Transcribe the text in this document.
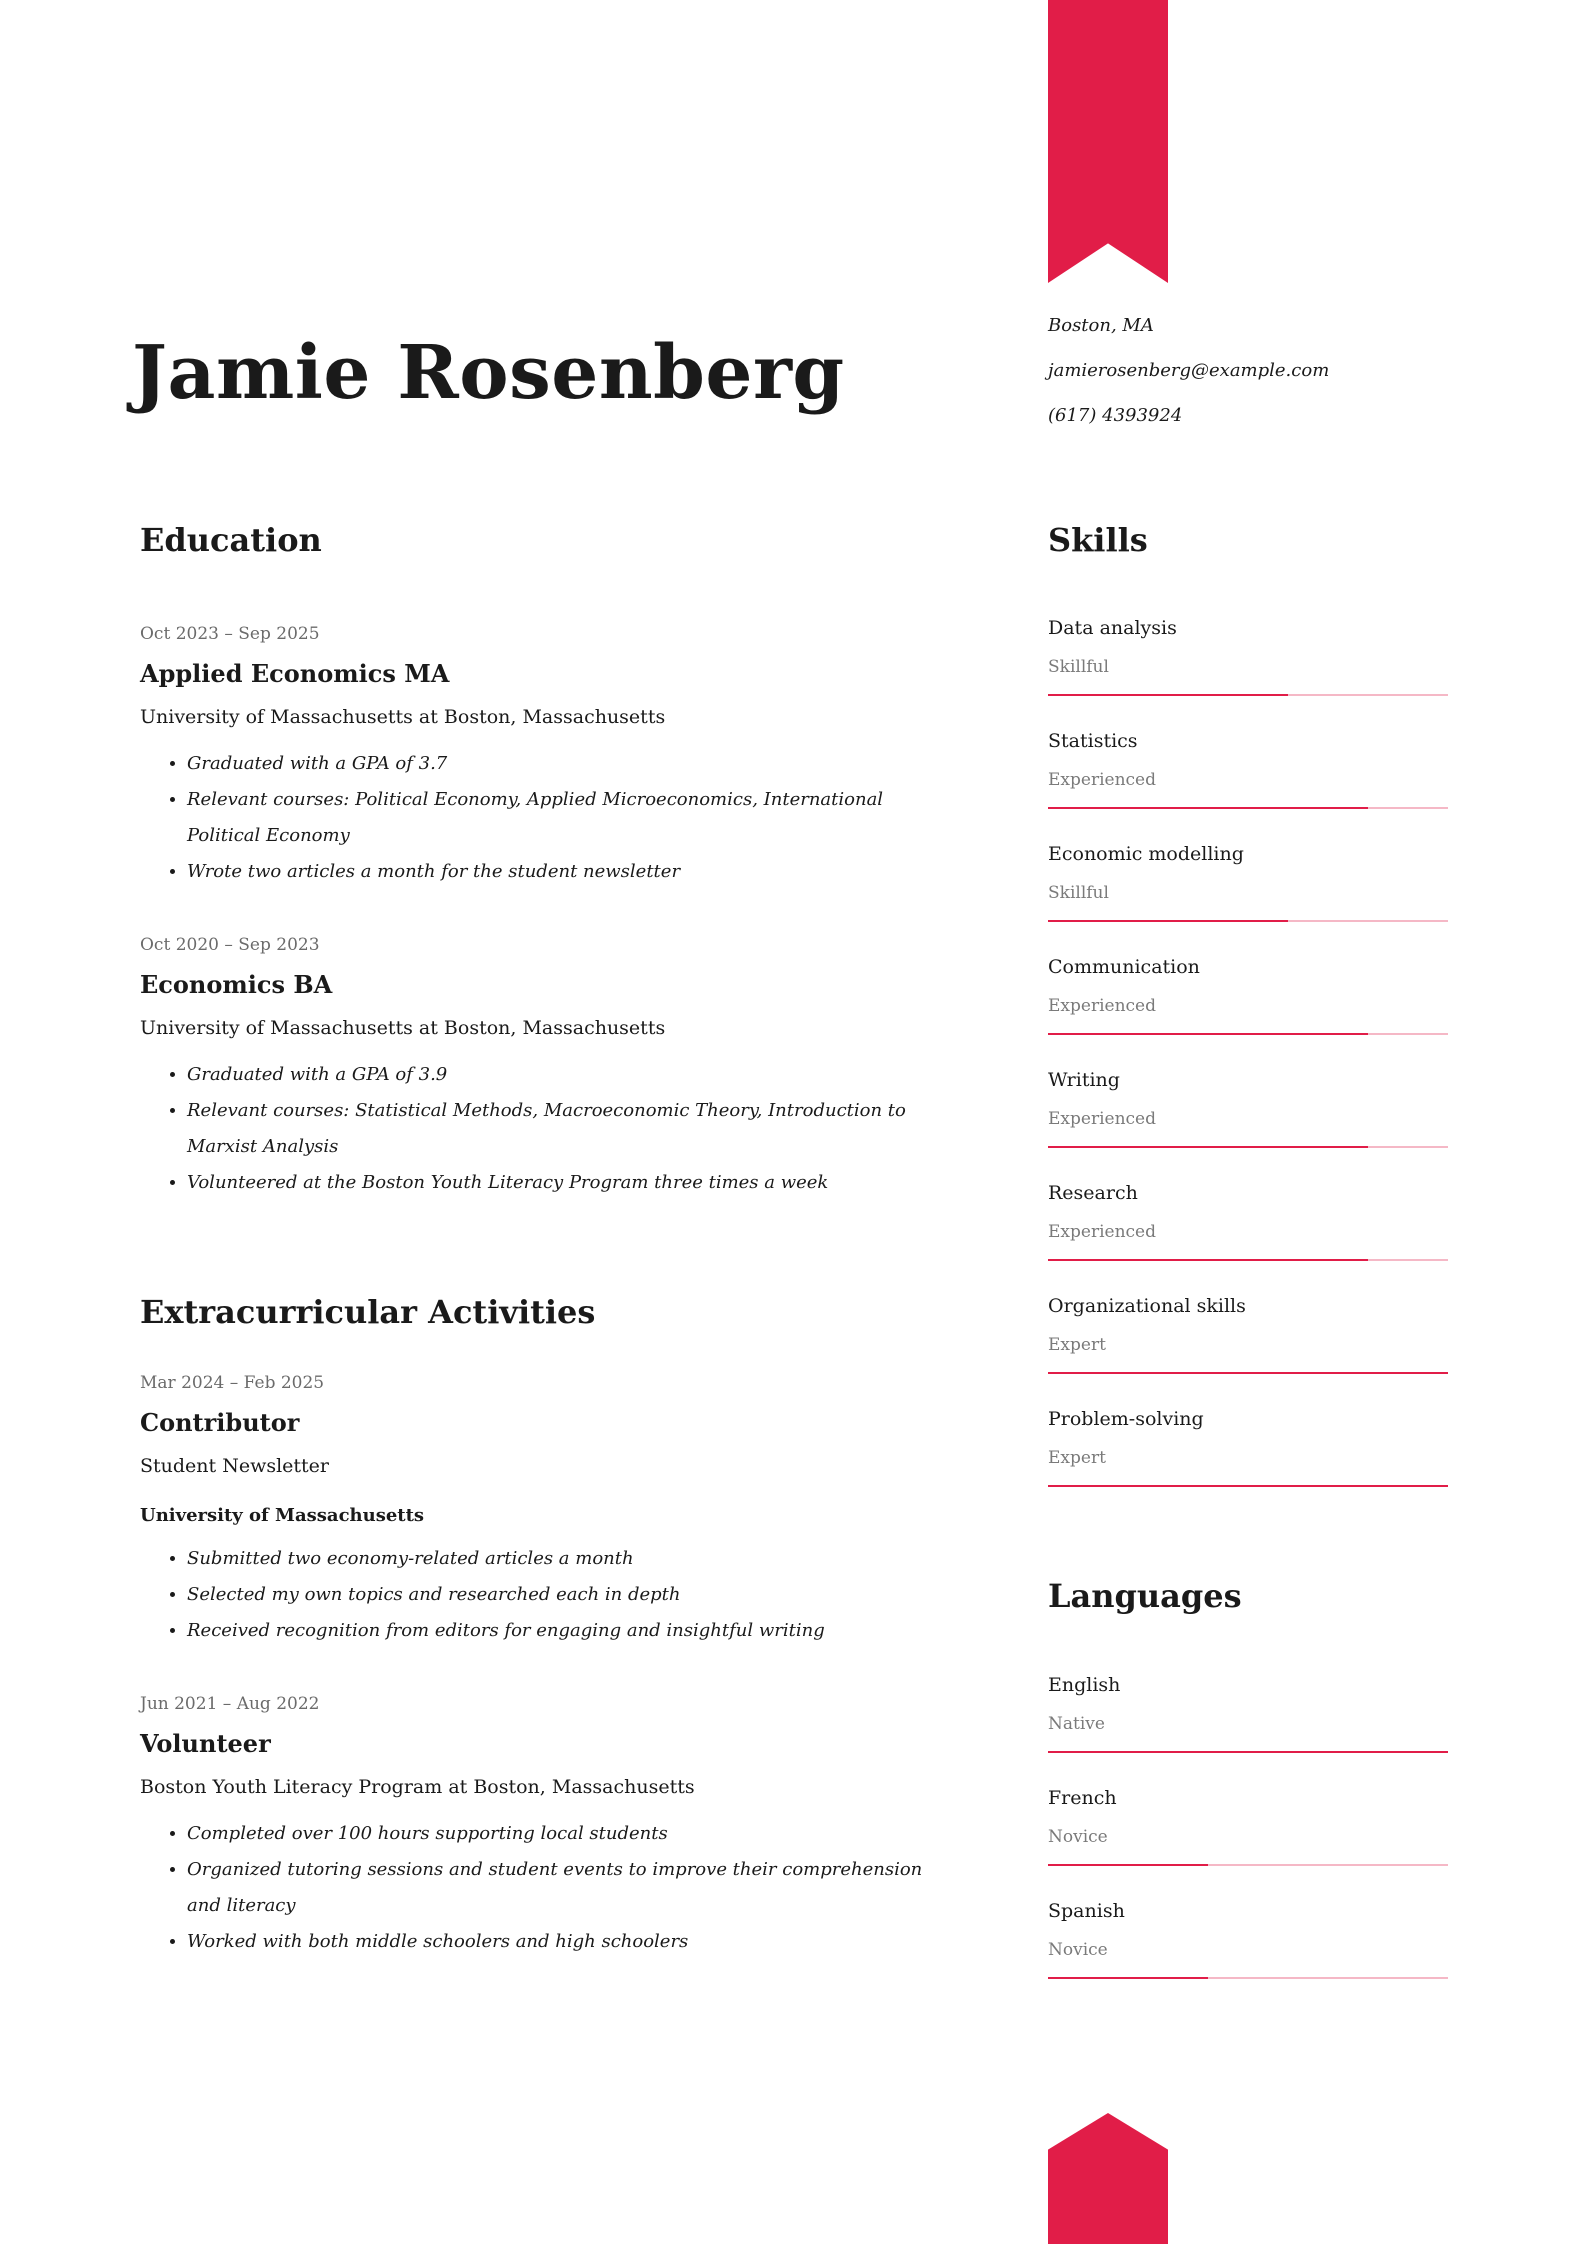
Jamie Rosenberg
Boston, MA
jamierosenberg@example.com
(617) 4393924
Education
Oct 2023 – Sep 2025
Applied Economics MA
University of Massachusetts at Boston, Massachusetts
• Graduated with a GPA of 3.7
• Relevant courses: Political Economy, Applied Microeconomics, International Political Economy
• Wrote two articles a month for the student newsletter
Oct 2020 – Sep 2023
Economics BA
University of Massachusetts at Boston, Massachusetts
• Graduated with a GPA of 3.9
• Relevant courses: Statistical Methods, Macroeconomic Theory, Introduction to Marxist Analysis
• Volunteered at the Boston Youth Literacy Program three times a week
Extracurricular Activities
Mar 2024 – Feb 2025
Contributor
Student Newsletter
University of Massachusetts
• Submitted two economy-related articles a month
• Selected my own topics and researched each in depth
• Received recognition from editors for engaging and insightful writing
Jun 2021 – Aug 2022
Volunteer
Boston Youth Literacy Program at Boston, Massachusetts
• Completed over 100 hours supporting local students
• Organized tutoring sessions and student events to improve their comprehension and literacy
• Worked with both middle schoolers and high schoolers
Skills
Data analysis
Skillful
Statistics
Experienced
Economic modelling
Skillful
Communication
Experienced
Writing
Experienced
Research
Experienced
Organizational skills
Expert
Problem-solving
Expert
Languages
English
Native
French
Novice
Spanish
Novice
